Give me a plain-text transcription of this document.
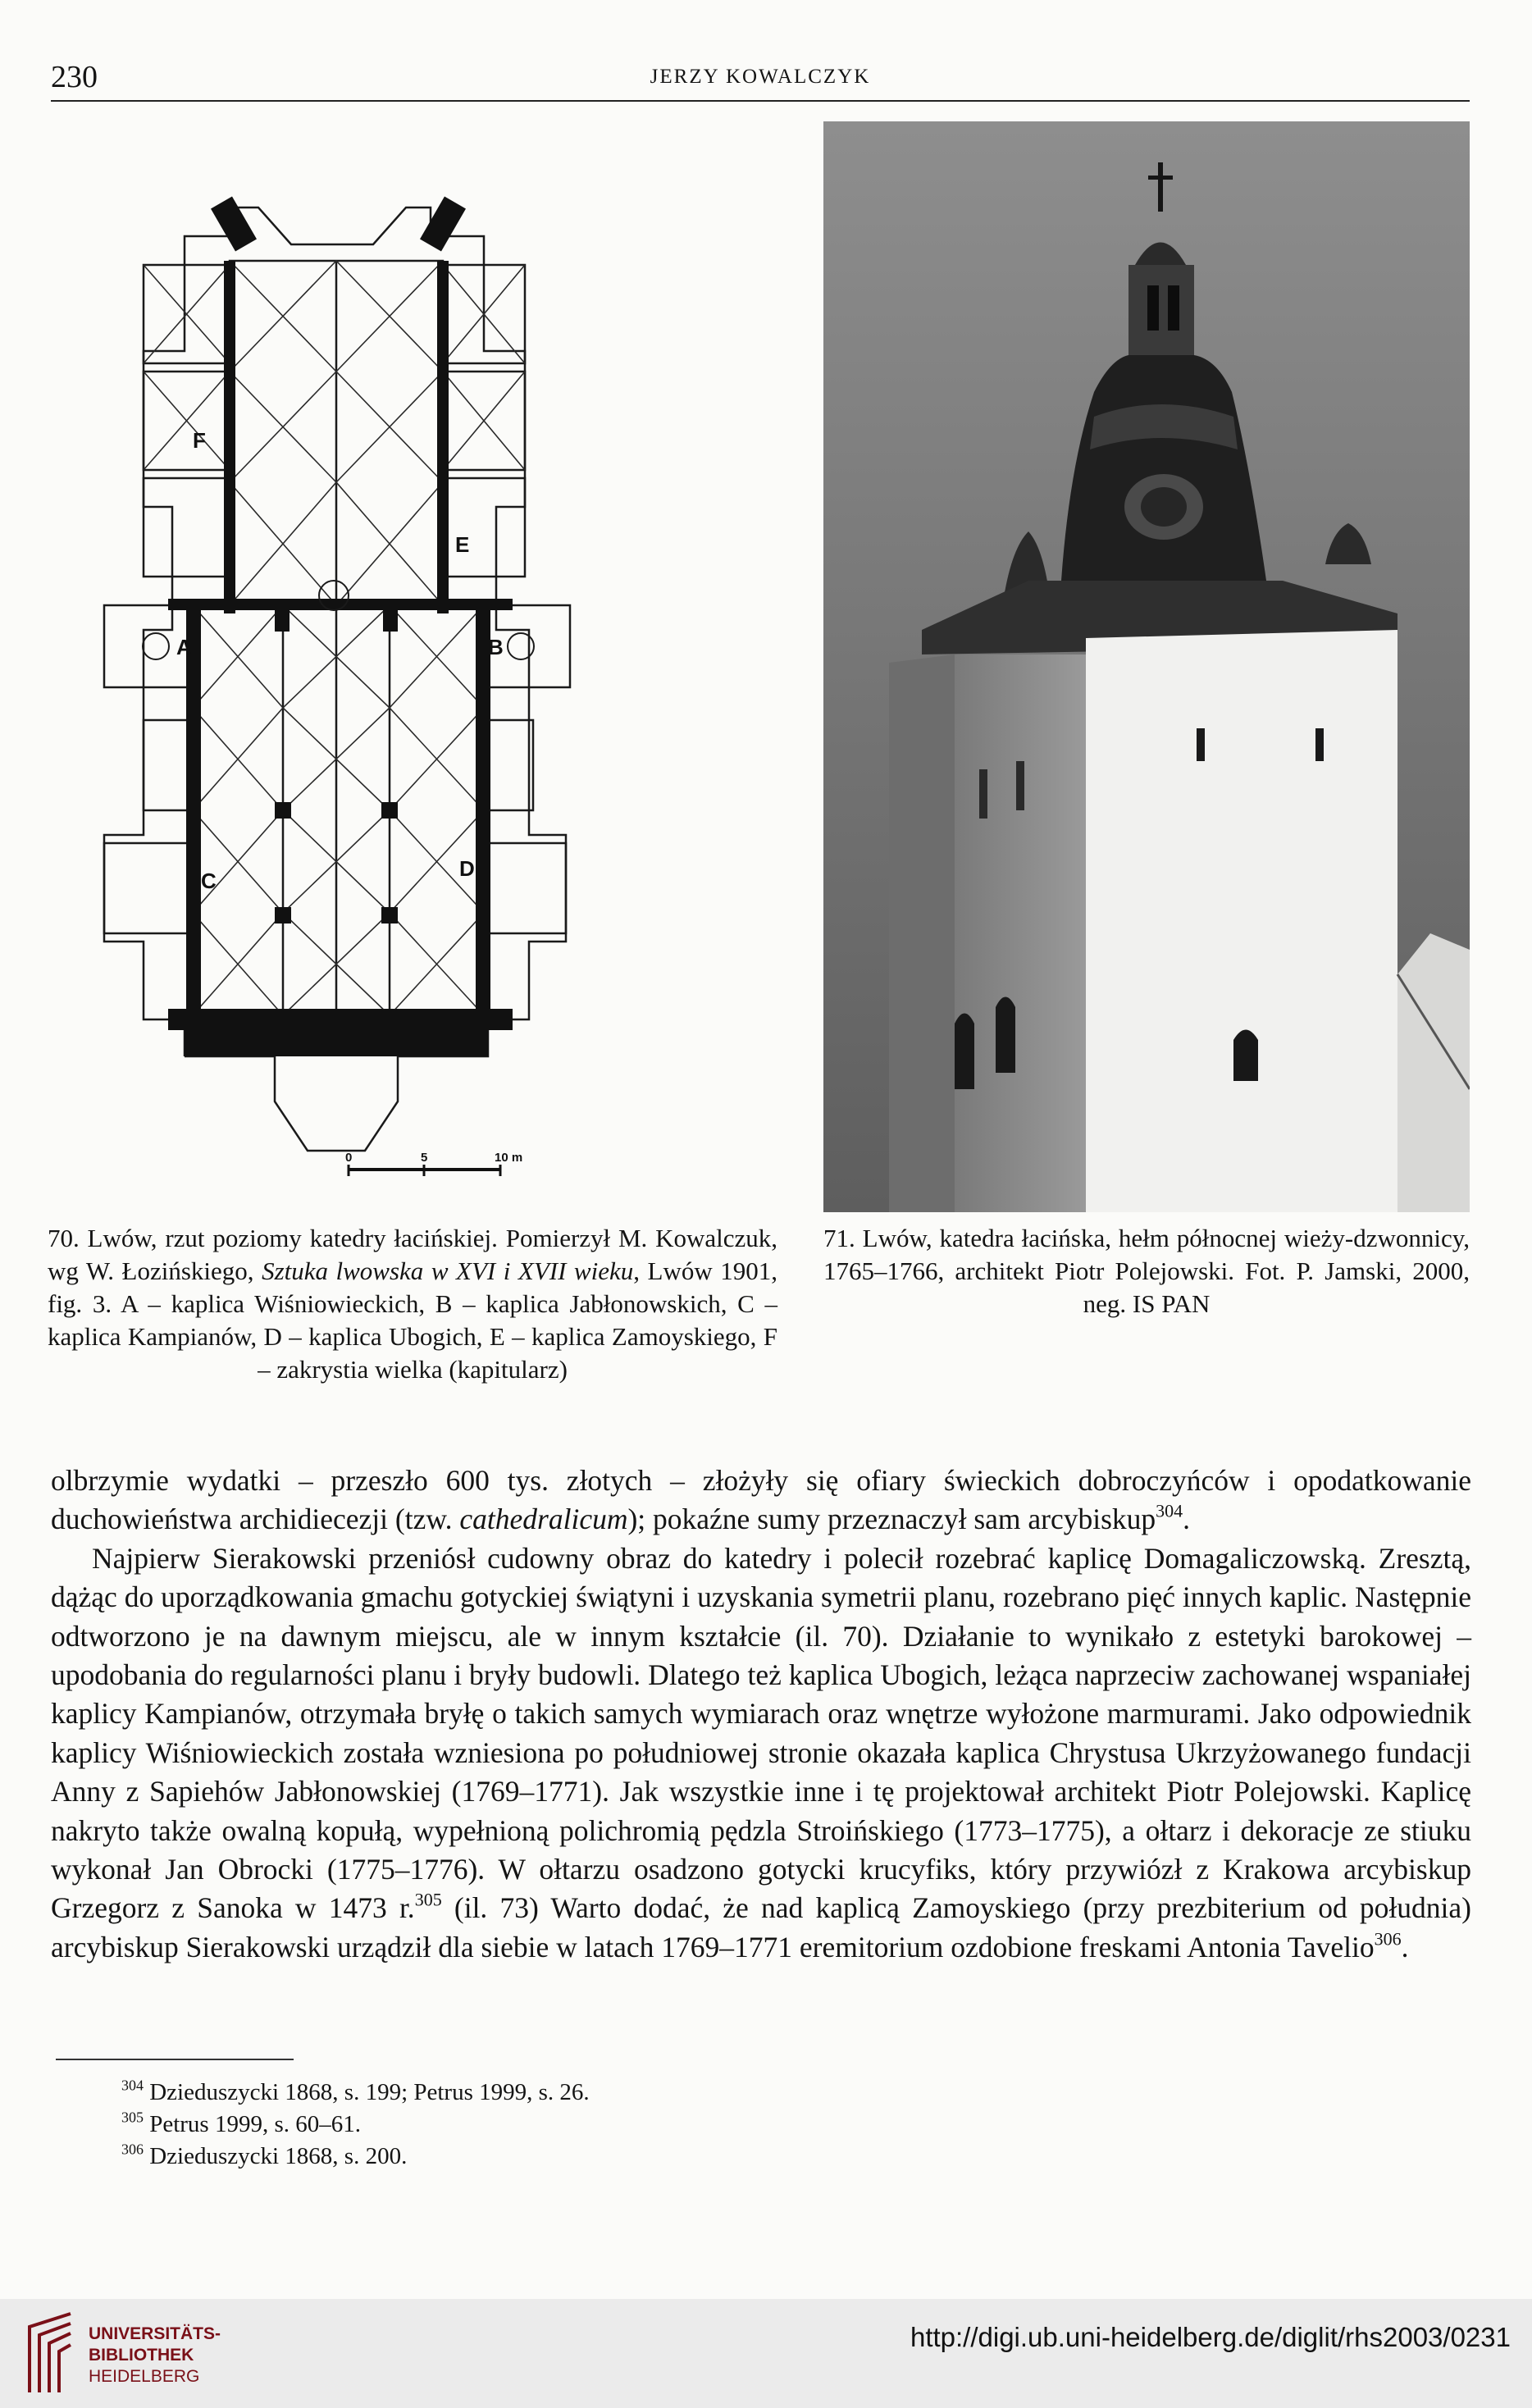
230	JERZY KOWALCZYK
A	B
C	D
E
F
0	5	10 m
70. Lwów, rzut poziomy katedry łacińskiej. Pomierzył M. Kowalczuk, wg W. Łozińskiego, Sztuka lwowska w XVI i XVII wieku, Lwów 1901, fig. 3. A – kaplica Wiśniowieckich, B – kaplica Jabłonowskich, C – kaplica Kampianów, D – kaplica Ubogich, E – kaplica Zamoyskiego, F – zakrystia wielka (kapitularz)
71. Lwów, katedra łacińska, hełm północnej wieży-dzwonnicy, 1765–1766, architekt Piotr Polejowski. Fot. P. Jamski, 2000, neg. IS PAN

olbrzymie wydatki – przeszło 600 tys. złotych – złożyły się ofiary świeckich dobroczyńców i opodatkowanie duchowieństwa archidiecezji (tzw. cathedralicum); pokaźne sumy przeznaczył sam arcybiskup$^{304}$.

Najpierw Sierakowski przeniósł cudowny obraz do katedry i polecił rozebrać kaplicę Domagaliczowską. Zresztą, dążąc do uporządkowania gmachu gotyckiej świątyni i uzyskania symetrii planu, rozebrano pięć innych kaplic. Następnie odtworzono je na dawnym miejscu, ale w innym kształcie (il. 70). Działanie to wynikało z estetyki barokowej – upodobania do regularności planu i bryły budowli. Dlatego też kaplica Ubogich, leżąca naprzeciw zachowanej wspaniałej kaplicy Kampianów, otrzymała bryłę o takich samych wymiarach oraz wnętrze wyłożone marmurami. Jako odpowiednik kaplicy Wiśniowieckich została wzniesiona po południowej stronie okazała kaplica Chrystusa Ukrzyżowanego fundacji Anny z Sapiehów Jabłonowskiej (1769–1771). Jak wszystkie inne i tę projektował architekt Piotr Polejowski. Kaplicę nakryto także owalną kopułą, wypełnioną polichromią pędzla Stroińskiego (1773–1775), a ołtarz i dekoracje ze stiuku wykonał Jan Obrocki (1775–1776). W ołtarzu osadzono gotycki krucyfiks, który przywiózł z Krakowa arcybiskup Grzegorz z Sanoka w 1473 r.$^{305}$ (il. 73) Warto dodać, że nad kaplicą Zamoyskiego (przy prezbiterium od południa) arcybiskup Sierakowski urządził dla siebie w latach 1769–1771 eremitorium ozdobione freskami Antonia Tavelio$^{306}$.

$^{304}$ Dzieduszycki 1868, s. 199; Petrus 1999, s. 26.
$^{305}$ Petrus 1999, s. 60–61.
$^{306}$ Dzieduszycki 1868, s. 200.
UNIVERSITÄTS-
BIBLIOTHEK
HEIDELBERG
http://digi.ub.uni-heidelberg.de/diglit/rhs2003/0231
